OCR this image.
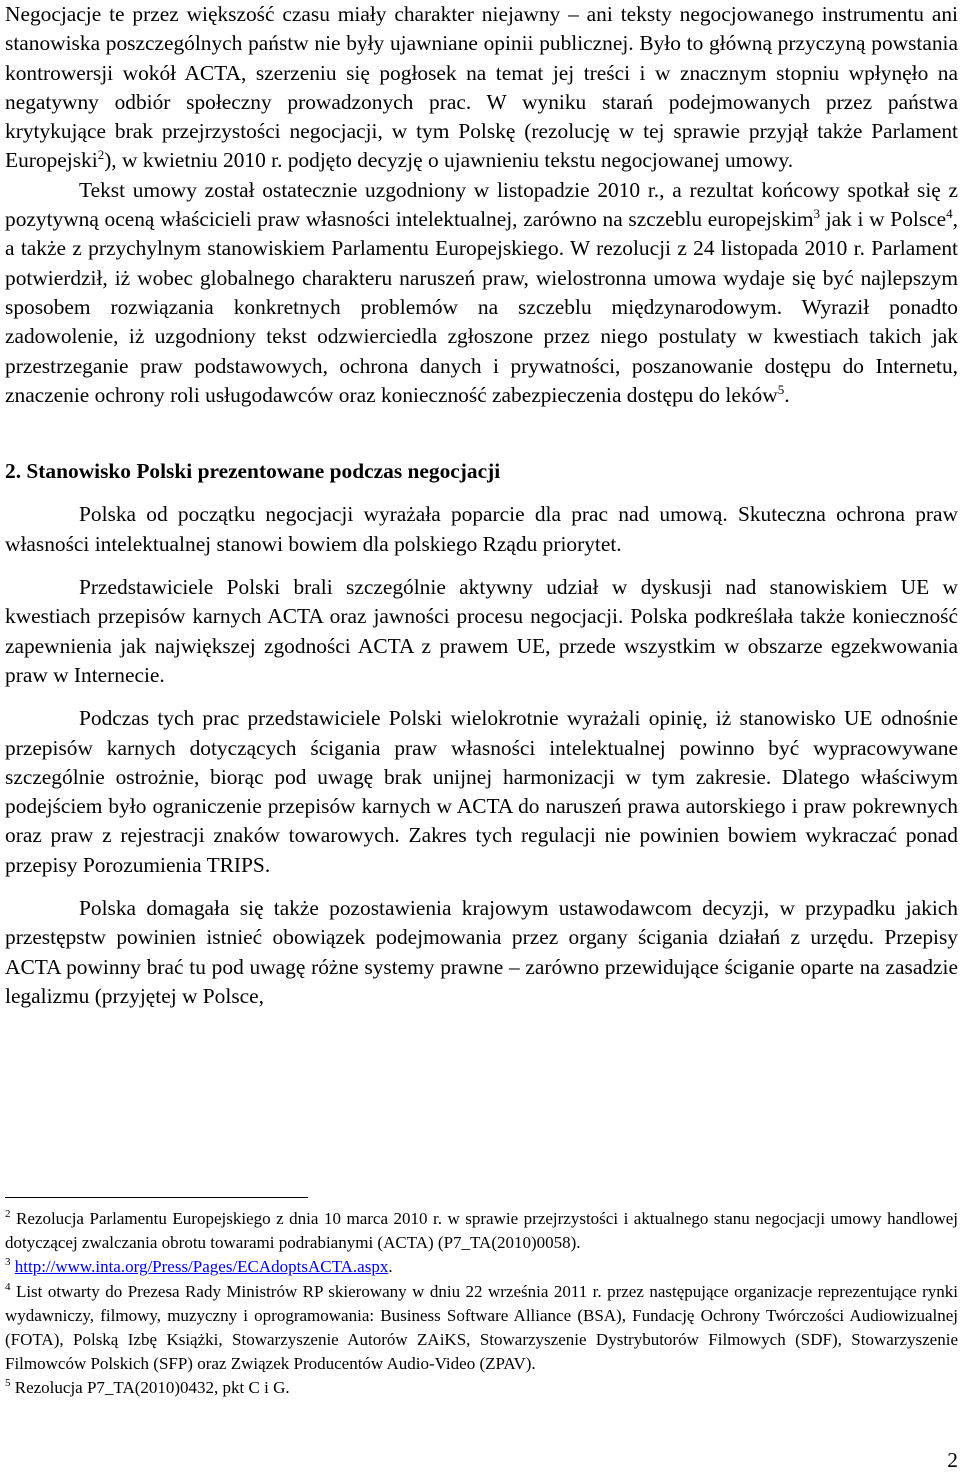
Negocjacje te przez większość czasu miały charakter niejawny – ani teksty negocjowanego instrumentu ani stanowiska poszczególnych państw nie były ujawniane opinii publicznej. Było to główną przyczyną powstania kontrowersji wokół ACTA, szerzeniu się pogłosek na temat jej treści i w znacznym stopniu wpłynęło na negatywny odbiór społeczny prowadzonych prac. W wyniku starań podejmowanych przez państwa krytykujące brak przejrzystości negocjacji, w tym Polskę (rezolucję w tej sprawie przyjął także Parlament Europejski$^2$), w kwietniu 2010 r. podjęto decyzję o ujawnieniu tekstu negocjowanej umowy.

Tekst umowy został ostatecznie uzgodniony w listopadzie 2010 r., a rezultat końcowy spotkał się z pozytywną oceną właścicieli praw własności intelektualnej, zarówno na szczeblu europejskim$^3$ jak i w Polsce$^4$, a także z przychylnym stanowiskiem Parlamentu Europejskiego. W rezolucji z 24 listopada 2010 r. Parlament potwierdził, iż wobec globalnego charakteru naruszeń praw, wielostronna umowa wydaje się być najlepszym sposobem rozwiązania konkretnych problemów na szczeblu międzynarodowym. Wyraził ponadto zadowolenie, iż uzgodniony tekst odzwierciedla zgłoszone przez niego postulaty w kwestiach takich jak przestrzeganie praw podstawowych, ochrona danych i prywatności, poszanowanie dostępu do Internetu, znaczenie ochrony roli usługodawców oraz konieczność zabezpieczenia dostępu do leków$^5$.

2. Stanowisko Polski prezentowane podczas negocjacji

Polska od początku negocjacji wyrażała poparcie dla prac nad umową. Skuteczna ochrona praw własności intelektualnej stanowi bowiem dla polskiego Rządu priorytet.

Przedstawiciele Polski brali szczególnie aktywny udział w dyskusji nad stanowiskiem UE w kwestiach przepisów karnych ACTA oraz jawności procesu negocjacji. Polska podkreślała także konieczność zapewnienia jak największej zgodności ACTA z prawem UE, przede wszystkim w obszarze egzekwowania praw w Internecie.

Podczas tych prac przedstawiciele Polski wielokrotnie wyrażali opinię, iż stanowisko UE odnośnie przepisów karnych dotyczących ścigania praw własności intelektualnej powinno być wypracowywane szczególnie ostrożnie, biorąc pod uwagę brak unijnej harmonizacji w tym zakresie. Dlatego właściwym podejściem było ograniczenie przepisów karnych w ACTA do naruszeń prawa autorskiego i praw pokrewnych oraz praw z rejestracji znaków towarowych. Zakres tych regulacji nie powinien bowiem wykraczać ponad przepisy Porozumienia TRIPS.

Polska domagała się także pozostawienia krajowym ustawodawcom decyzji, w przypadku jakich przestępstw powinien istnieć obowiązek podejmowania przez organy ścigania działań z urzędu. Przepisy ACTA powinny brać tu pod uwagę różne systemy prawne – zarówno przewidujące ściganie oparte na zasadzie legalizmu (przyjętej w Polsce,

$^2$ Rezolucja Parlamentu Europejskiego z dnia 10 marca 2010 r. w sprawie przejrzystości i aktualnego stanu negocjacji umowy handlowej dotyczącej zwalczania obrotu towarami podrabianymi (ACTA) (P7_TA(2010)0058).

$^3$ http://www.inta.org/Press/Pages/ECAdoptsACTA.aspx.

$^4$ List otwarty do Prezesa Rady Ministrów RP skierowany w dniu 22 września 2011 r. przez następujące organizacje reprezentujące rynki wydawniczy, filmowy, muzyczny i oprogramowania: Business Software Alliance (BSA), Fundację Ochrony Twórczości Audiowizualnej (FOTA), Polską Izbę Książki, Stowarzyszenie Autorów ZAiKS, Stowarzyszenie Dystrybutorów Filmowych (SDF), Stowarzyszenie Filmowców Polskich (SFP) oraz Związek Producentów Audio-Video (ZPAV).

$^5$ Rezolucja P7_TA(2010)0432, pkt C i G.

2
